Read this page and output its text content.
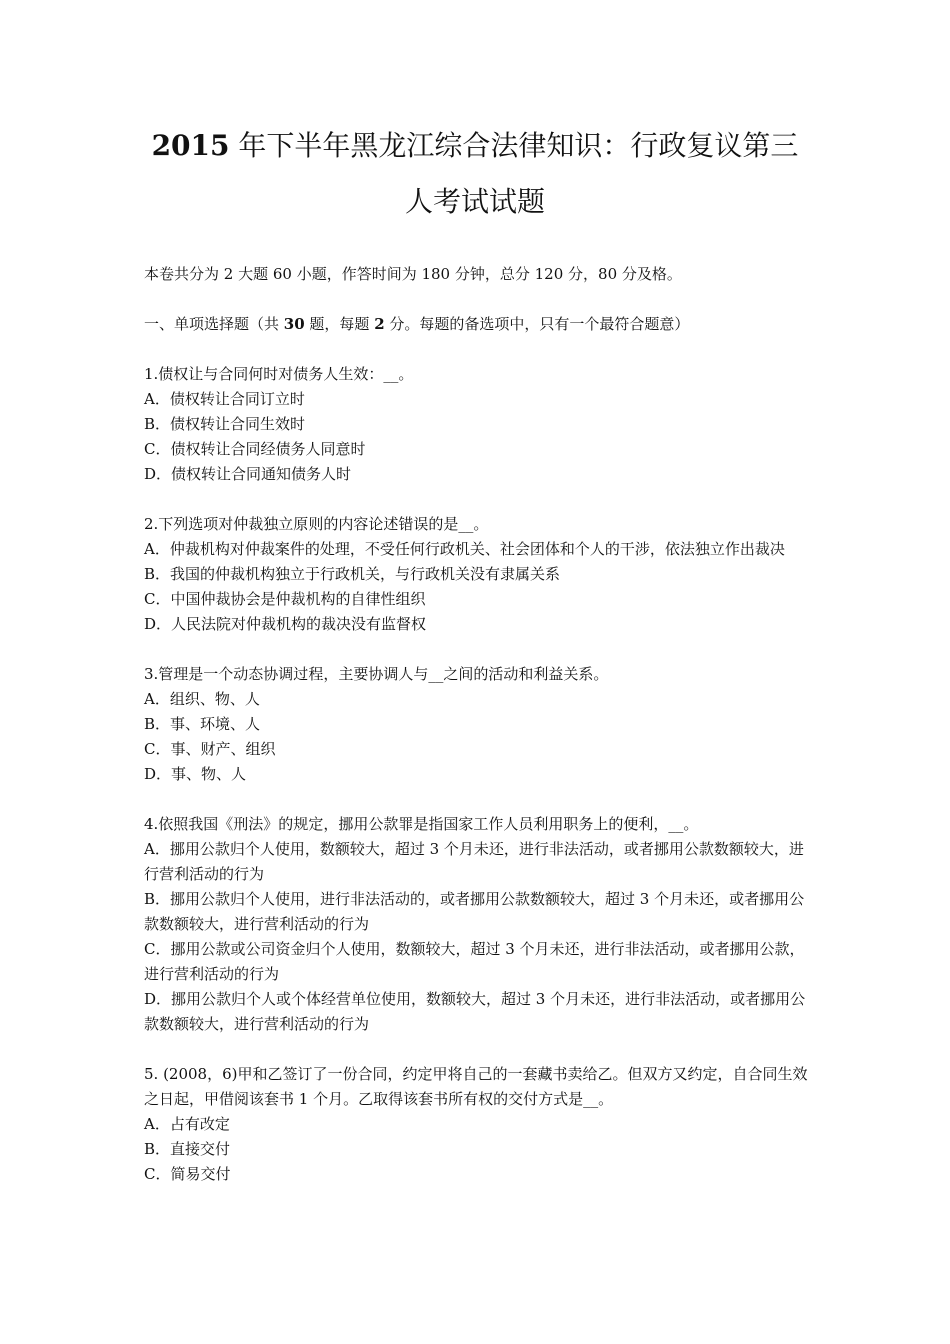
2015 年下半年黑龙江综合法律知识：行政复议第三
人考试试题

本卷共分为 2 大题 60 小题，作答时间为 180 分钟，总分 120 分，80 分及格。

一、单项选择题（共 30 题，每题 2 分。每题的备选项中，只有一个最符合题意）

1.债权让与合同何时对债务人生效：__。

A．债权转让合同订立时

B．债权转让合同生效时

C．债权转让合同经债务人同意时

D．债权转让合同通知债务人时

2.下列选项对仲裁独立原则的内容论述错误的是__。

A．仲裁机构对仲裁案件的处理，不受任何行政机关、社会团体和个人的干涉，依法独立作出裁决

B．我国的仲裁机构独立于行政机关，与行政机关没有隶属关系

C．中国仲裁协会是仲裁机构的自律性组织

D．人民法院对仲裁机构的裁决没有监督权

3.管理是一个动态协调过程，主要协调人与__之间的活动和利益关系。

A．组织、物、人

B．事、环境、人

C．事、财产、组织

D．事、物、人

4.依照我国《刑法》的规定，挪用公款罪是指国家工作人员利用职务上的便利，__。

A．挪用公款归个人使用，数额较大，超过 3 个月未还，进行非法活动，或者挪用公款数额较大，进行营利活动的行为

B．挪用公款归个人使用，进行非法活动的，或者挪用公款数额较大，超过 3 个月未还，或者挪用公款数额较大，进行营利活动的行为

C．挪用公款或公司资金归个人使用，数额较大，超过 3 个月未还，进行非法活动，或者挪用公款，进行营利活动的行为

D．挪用公款归个人或个体经营单位使用，数额较大，超过 3 个月未还，进行非法活动，或者挪用公款数额较大，进行营利活动的行为

5. (2008，6)甲和乙签订了一份合同，约定甲将自己的一套藏书卖给乙。但双方又约定，自合同生效之日起，甲借阅该套书 1 个月。乙取得该套书所有权的交付方式是__。

A．占有改定

B．直接交付

C．简易交付
